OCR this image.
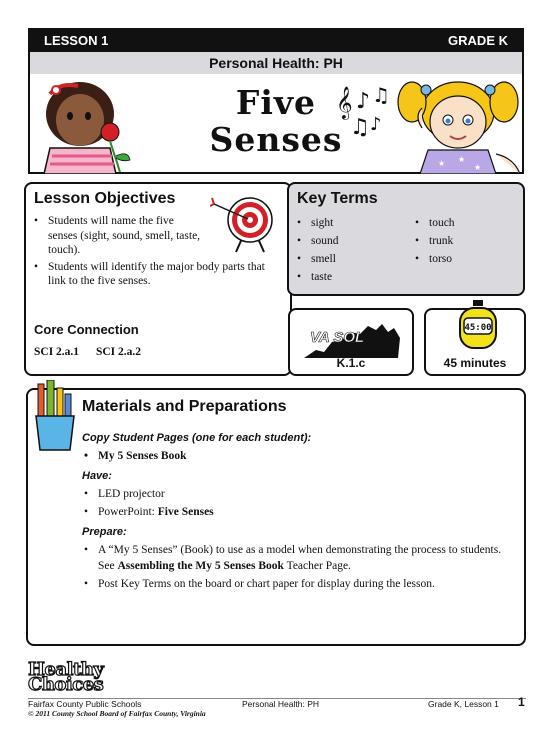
LESSON 1	GRADE K
Personal Health: PH
Five
Senses
𝄞 ♪ ♫
♫ ♪
★ ★
★
Lesson Objectives
• Students will name the five senses (sight, sound, smell, taste, touch).
• Students will identify the major body parts that link to the five senses.
Core Connection
SCI 2.a.1 SCI 2.a.2
Key Terms
• sight
• sound
• smell
• taste
• touch
• trunk
• torso
VA SOL
K.1.c
45:00
45 minutes
Materials and Preparations
Copy Student Pages (one for each student):
• My 5 Senses Book
Have:
• LED projector
• PowerPoint: Five Senses
Prepare:
• A “My 5 Senses” (Book) to use as a model when demonstrating the process to students. See Assembling the My 5 Senses Book Teacher Page.
• Post Key Terms on the board or chart paper for display during the lesson.
Healthy
Choices
Fairfax County Public Schools
© 2011 County School Board of Fairfax County, Virginia
Personal Health: PH	Grade K, Lesson 1 1
